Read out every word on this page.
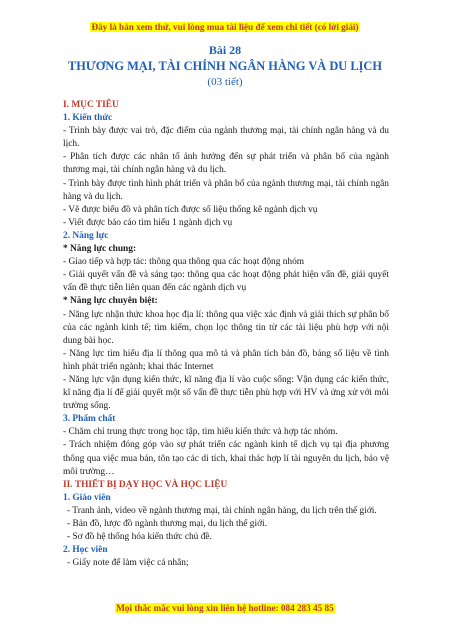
Đây là bản xem thử, vui lòng mua tài liệu để xem chi tiết (có lời giải)
Bài 28
THƯƠNG MẠI, TÀI CHÍNH NGÂN HÀNG VÀ DU LỊCH
(03 tiết)

I. MỤC TIÊU

1. Kiến thức

- Trình bày được vai trò, đặc điểm của ngành thương mại, tài chính ngân hàng và du lịch.

- Phân tích được các nhân tố ảnh hưởng đến sự phát triển và phân bố của ngành thương mại, tài chính ngân hàng và du lịch.

- Trình bày được tình hình phát triển và phân bố của ngành thương mại, tài chính ngân hàng và du lịch.

- Vẽ được biểu đồ và phân tích được số liệu thống kê ngành dịch vụ

- Viết được báo cáo tìm hiểu 1 ngành dịch vụ

2. Năng lực

* Năng lực chung:

- Giao tiếp và hợp tác: thông qua thông qua các hoạt động nhóm

- Giải quyết vấn đề và sáng tạo: thông qua các hoạt động phát hiện vấn đề, giải quyết vấn đề thực tiễn liên quan đến các ngành dịch vụ

* Năng lực chuyên biệt:

- Năng lực nhận thức khoa học địa lí: thông qua việc xác định và giải thích sự phân bố của các ngành kinh tế; tìm kiếm, chọn lọc thông tin từ các tài liệu phù hợp với nội dung bài học.

- Năng lực tìm hiểu địa lí thông qua mô tả và phân tích bản đồ, bảng số liệu về tình hình phát triển ngành; khai thác Internet

- Năng lực vận dụng kiến thức, kĩ năng địa lí vào cuộc sống: Vận dụng các kiến thức, kĩ năng địa lí để giải quyết một số vấn đề thực tiễn phù hợp với HV và ứng xử với môi trường sống.

3. Phẩm chất

- Chăm chỉ trung thực trong học tập, tìm hiểu kiến thức và hợp tác nhóm.

- Trách nhiệm đóng góp vào sự phát triển các ngành kinh tế dịch vụ tại địa phương thông qua việc mua bán, tôn tạo các di tích, khai thác hợp lí tài nguyên du lịch, bảo vệ môi trường…

II. THIẾT BỊ DẠY HỌC VÀ HỌC LIỆU

1. Giáo viên

- Tranh ảnh, video về ngành thương mại, tài chính ngân hàng, du lịch trên thế giới.

- Bản đồ, lược đồ ngành thương mại, du lịch thế giới.

- Sơ đồ hệ thống hóa kiến thức chủ đề.

2. Học viên

- Giấy note để làm việc cá nhân;

Mọi thắc mắc vui lòng xin liên hệ hotline: 084 283 45 85
